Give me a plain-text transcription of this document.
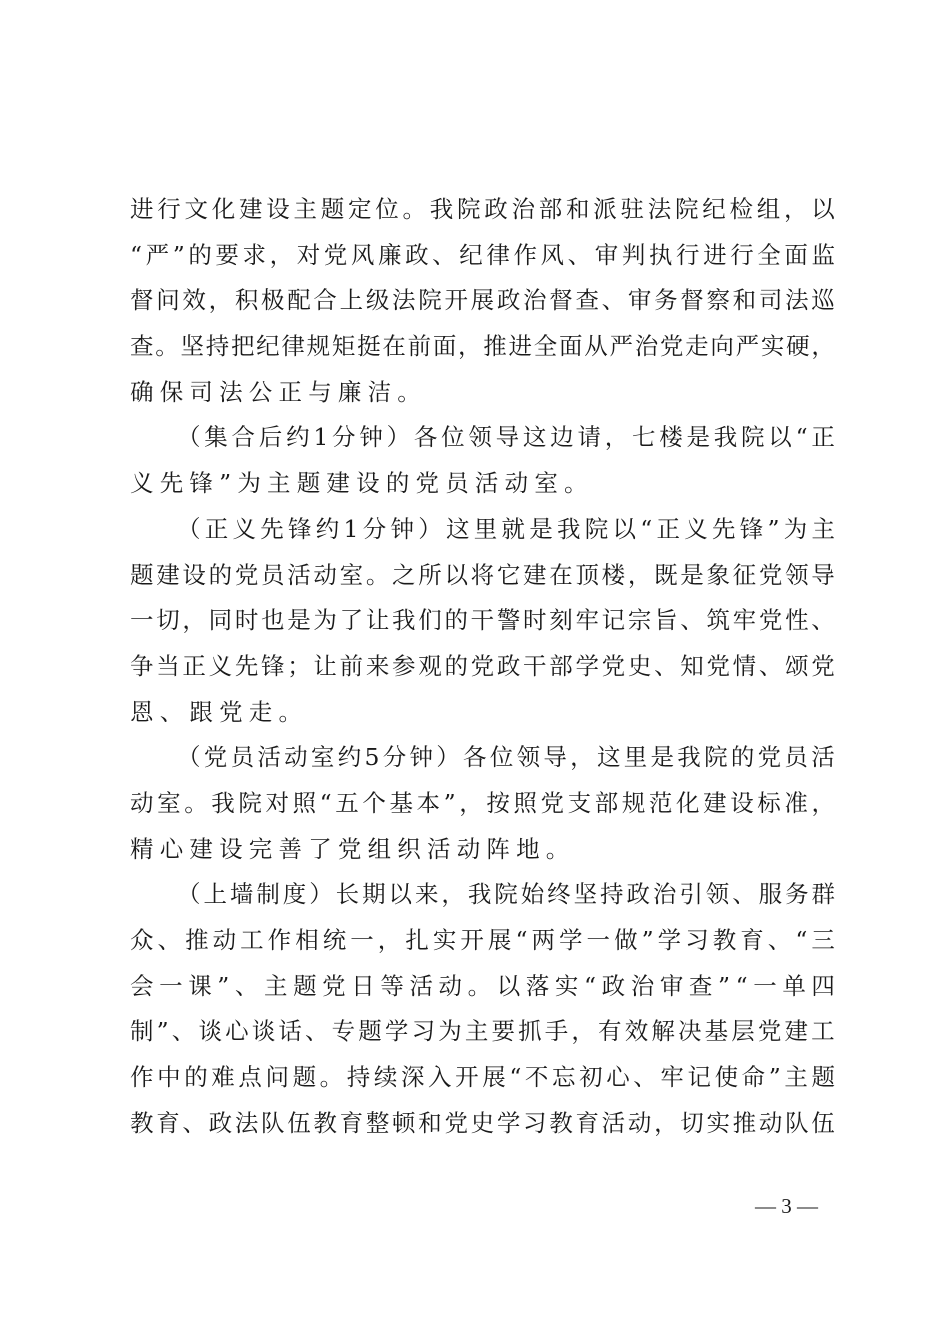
进 行 文 化 建 设 主 题 定 位 。 我 院 政 治 部 和 派 驻 法 院 纪 检 组 ， 以
“ 严 ” 的 要 求 ， 对 党 风 廉 政 、 纪 律 作 风 、 审 判 执 行 进 行 全 面 监
督 问 效 ， 积 极 配 合 上 级 法 院 开 展 政 治 督 查 、 审 务 督 察 和 司 法 巡
查 。 坚 持 把 纪 律 规 矩 挺 在 前 面 ， 推 进 全 面 从 严 治 党 走 向 严 实 硬 ，
确保司法公正与廉洁。
（ 集 合 后 约 1 分 钟 ） 各 位 领 导 这 边 请 ， 七 楼 是 我 院 以 “ 正
义先锋”为主题建设的党员活动室。
（ 正 义 先 锋 约 1 分 钟 ） 这 里 就 是 我 院 以 “ 正 义 先 锋 ” 为 主
题 建 设 的 党 员 活 动 室 。 之 所 以 将 它 建 在 顶 楼 ， 既 是 象 征 党 领 导
一 切 ， 同 时 也 是 为 了 让 我 们 的 干 警 时 刻 牢 记 宗 旨 、 筑 牢 党 性 、
争 当 正 义 先 锋 ； 让 前 来 参 观 的 党 政 干 部 学 党 史 、 知 党 情 、 颂 党
恩、跟党走。
（ 党 员 活 动 室 约 5 分 钟 ） 各 位 领 导 ， 这 里 是 我 院 的 党 员 活
动 室 。 我 院 对 照 “ 五 个 基 本 ” ， 按 照 党 支 部 规 范 化 建 设 标 准 ，
精心建设完善了党组织活动阵地。
（ 上 墙 制 度 ） 长 期 以 来 ， 我 院 始 终 坚 持 政 治 引 领 、 服 务 群
众 、 推 动 工 作 相 统 一 ， 扎 实 开 展 “ 两 学 一 做 ” 学 习 教 育 、 “ 三
会 一 课 ” 、 主 题 党 日 等 活 动 。 以 落 实 “ 政 治 审 查 ” “ 一 单 四
制 ” 、 谈 心 谈 话 、 专 题 学 习 为 主 要 抓 手 ， 有 效 解 决 基 层 党 建 工
作 中 的 难 点 问 题 。 持 续 深 入 开 展 “ 不 忘 初 心 、 牢 记 使 命 ” 主 题
教 育 、 政 法 队 伍 教 育 整 顿 和 党 史 学 习 教 育 活 动 ， 切 实 推 动 队 伍
— 3 —
